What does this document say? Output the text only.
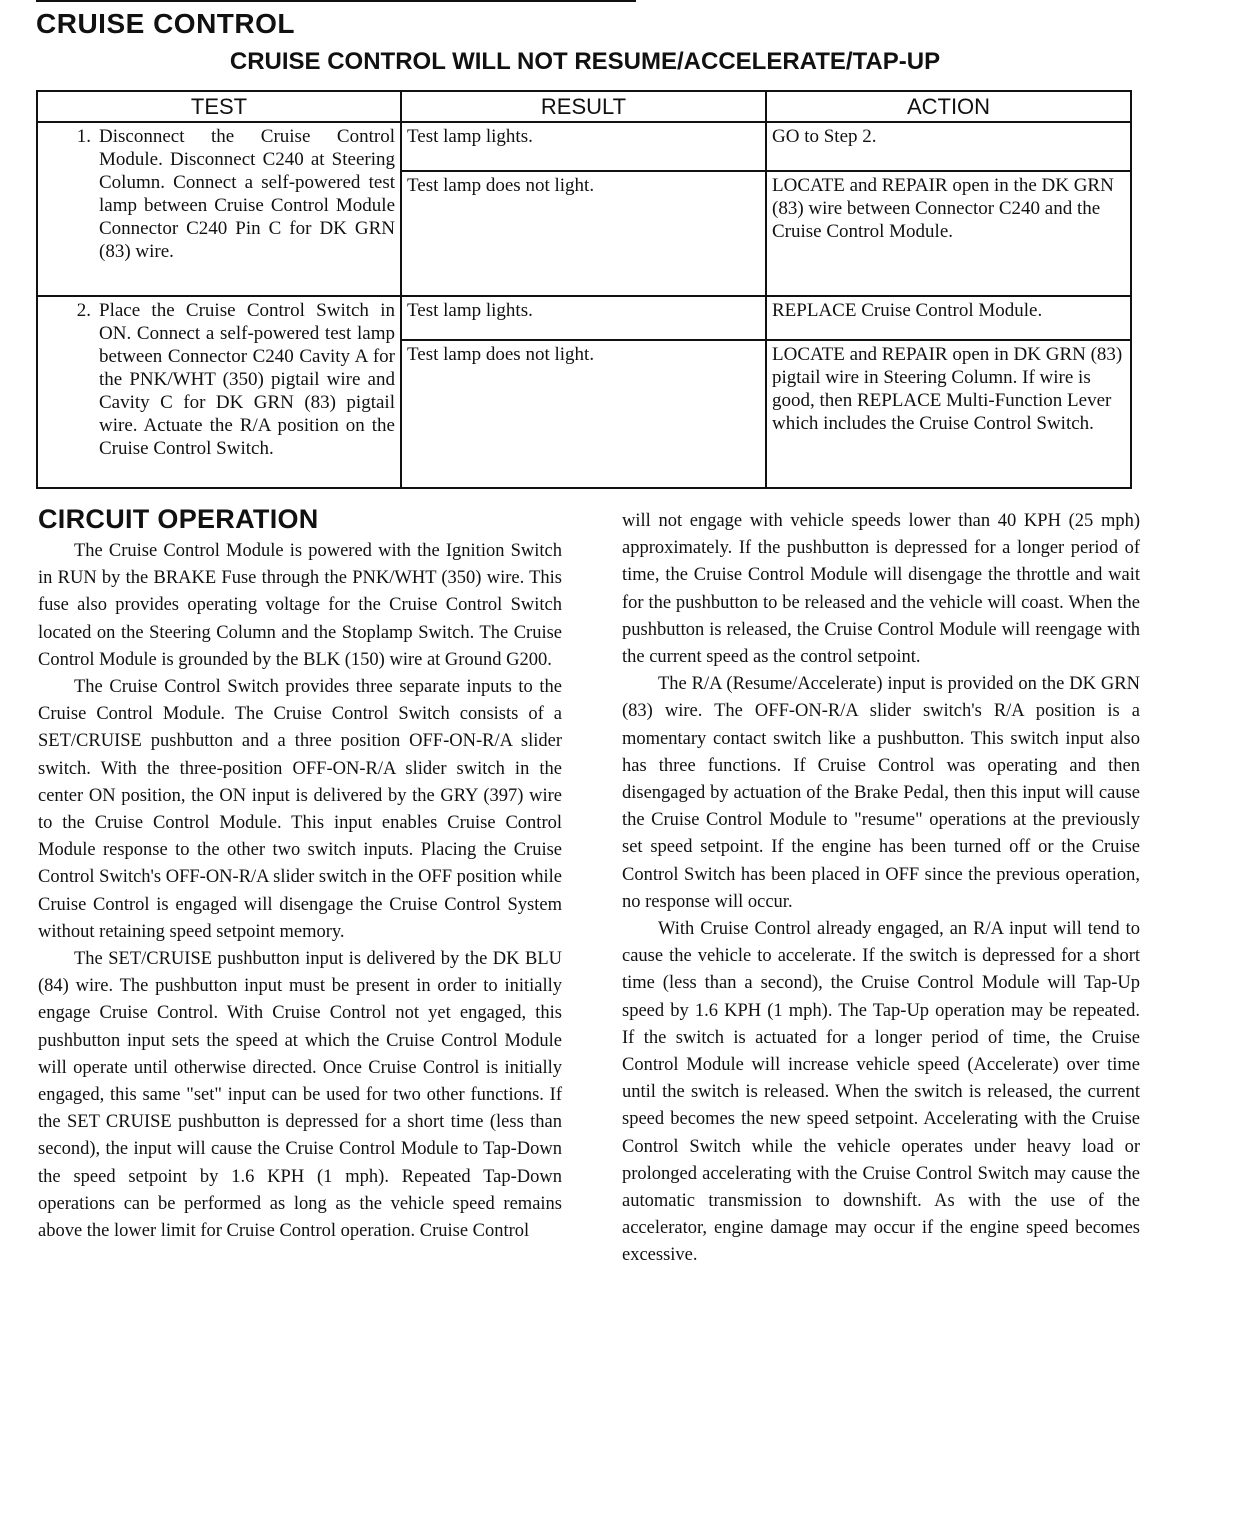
CRUISE CONTROL
CRUISE CONTROL WILL NOT RESUME/ACCELERATE/TAP-UP
TEST	RESULT	ACTION

1. Disconnect the Cruise Control Module. Disconnect C240 at Steering Column. Connect a self-powered test lamp between Cruise Control Module Connector C240 Pin C for DK GRN (83) wire.	Test lamp lights.	GO to Step 2.
	Test lamp does not light.	LOCATE and REPAIR open in the DK GRN (83) wire between Connector C240 and the Cruise Control Module.

2. Place the Cruise Control Switch in ON. Connect a self-powered test lamp between Connector C240 Cavity A for the PNK/WHT (350) pigtail wire and Cavity C for DK GRN (83) pigtail wire. Actuate the R/A position on the Cruise Control Switch.	Test lamp lights.	REPLACE Cruise Control Module.
	Test lamp does not light.	LOCATE and REPAIR open in DK GRN (83) pigtail wire in Steering Column. If wire is good, then REPLACE Multi-Function Lever which includes the Cruise Control Switch.
CIRCUIT OPERATION

The Cruise Control Module is powered with the Ignition Switch in RUN by the BRAKE Fuse through the PNK/WHT (350) wire. This fuse also provides operating voltage for the Cruise Control Switch located on the Steering Column and the Stoplamp Switch. The Cruise Control Module is grounded by the BLK (150) wire at Ground G200.

The Cruise Control Switch provides three separate inputs to the Cruise Control Module. The Cruise Control Switch consists of a SET/CRUISE pushbutton and a three position OFF-ON-R/A slider switch. With the three-position OFF-ON-R/A slider switch in the center ON position, the ON input is delivered by the GRY (397) wire to the Cruise Control Module. This input enables Cruise Control Module response to the other two switch inputs. Placing the Cruise Control Switch's OFF-ON-R/A slider switch in the OFF position while Cruise Control is engaged will disengage the Cruise Control System without retaining speed setpoint memory.

The SET/CRUISE pushbutton input is delivered by the DK BLU (84) wire. The pushbutton input must be present in order to initially engage Cruise Control. With Cruise Control not yet engaged, this pushbutton input sets the speed at which the Cruise Control Module will operate until otherwise directed. Once Cruise Control is initially engaged, this same "set" input can be used for two other functions. If the SET CRUISE pushbutton is depressed for a short time (less than second), the input will cause the Cruise Control Module to Tap-Down the speed setpoint by 1.6 KPH (1 mph). Repeated Tap-Down operations can be performed as long as the vehicle speed remains above the lower limit for Cruise Control operation. Cruise Control

will not engage with vehicle speeds lower than 40 KPH (25 mph) approximately. If the pushbutton is depressed for a longer period of time, the Cruise Control Module will disengage the throttle and wait for the pushbutton to be released and the vehicle will coast. When the pushbutton is released, the Cruise Control Module will reengage with the current speed as the control setpoint.

The R/A (Resume/Accelerate) input is provided on the DK GRN (83) wire. The OFF-ON-R/A slider switch's R/A position is a momentary contact switch like a pushbutton. This switch input also has three functions. If Cruise Control was operating and then disengaged by actuation of the Brake Pedal, then this input will cause the Cruise Control Module to "resume" operations at the previously set speed setpoint. If the engine has been turned off or the Cruise Control Switch has been placed in OFF since the previous operation, no response will occur.

With Cruise Control already engaged, an R/A input will tend to cause the vehicle to accelerate. If the switch is depressed for a short time (less than a second), the Cruise Control Module will Tap-Up speed by 1.6 KPH (1 mph). The Tap-Up operation may be repeated. If the switch is actuated for a longer period of time, the Cruise Control Module will increase vehicle speed (Accelerate) over time until the switch is released. When the switch is released, the current speed becomes the new speed setpoint. Accelerating with the Cruise Control Switch while the vehicle operates under heavy load or prolonged accelerating with the Cruise Control Switch may cause the automatic transmission to downshift. As with the use of the accelerator, engine damage may occur if the engine speed becomes excessive.
